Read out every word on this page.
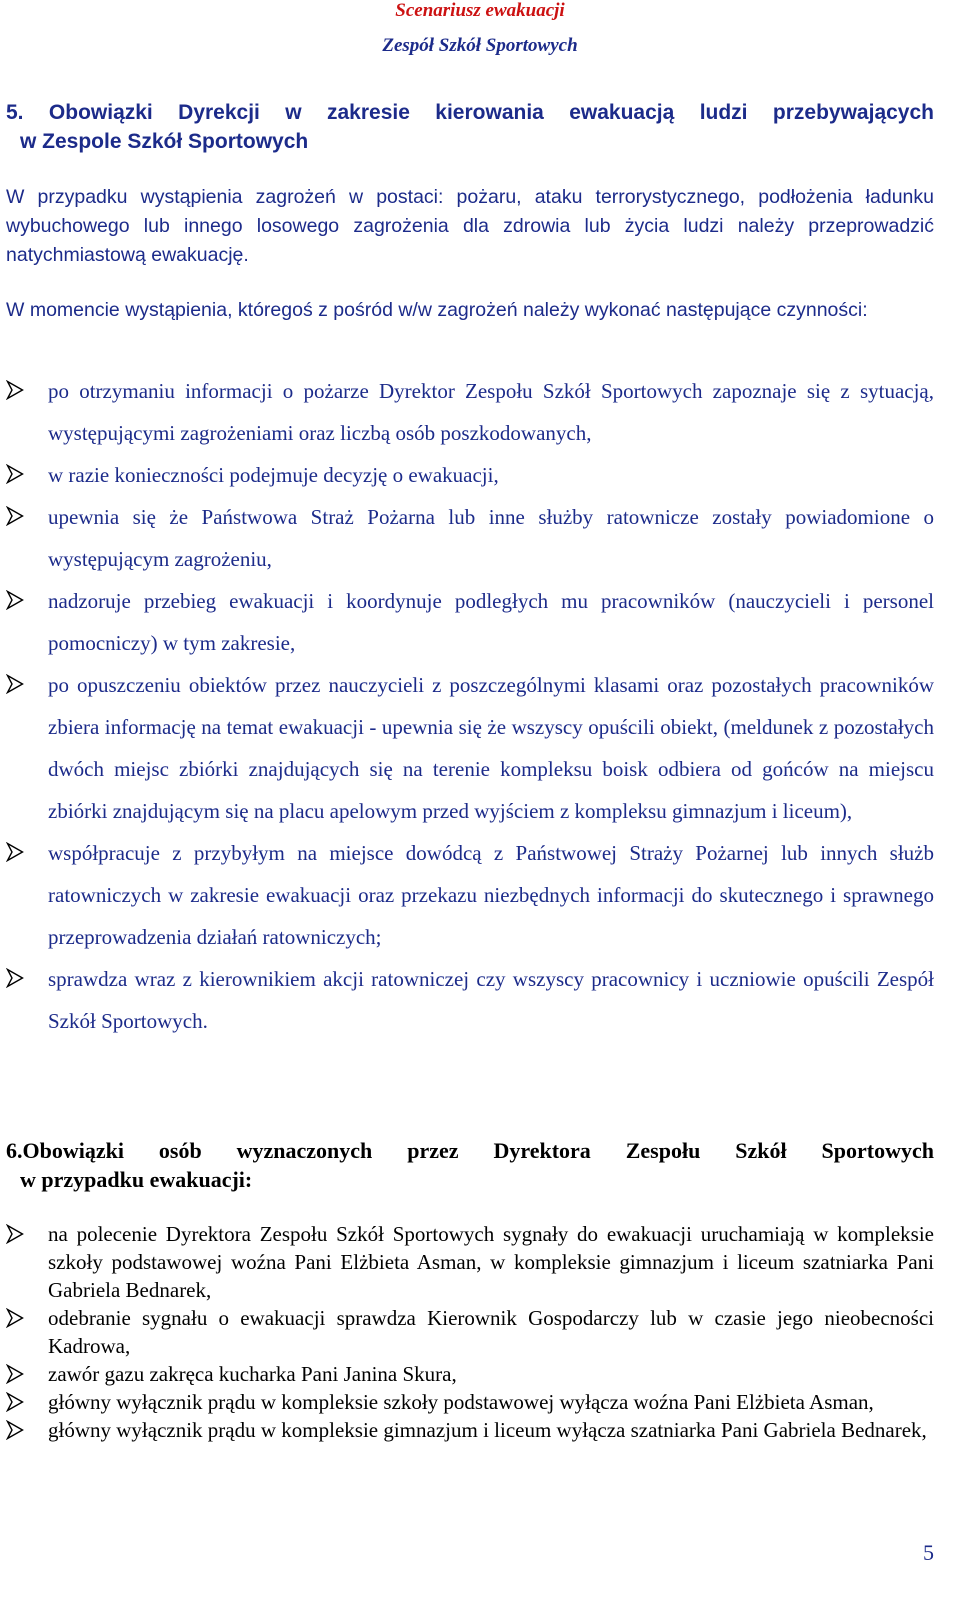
Scenariusz ewakuacji
Zespół Szkół Sportowych
5. Obowiązki Dyrekcji w zakresie kierowania ewakuacją ludzi przebywających
w Zespole Szkół Sportowych
W przypadku wystąpienia zagrożeń w postaci: pożaru, ataku terrorystycznego, podłożenia ładunku wybuchowego lub innego losowego zagrożenia dla zdrowia lub życia ludzi należy przeprowadzić natychmiastową ewakuację.
W momencie wystąpienia, któregoś z pośród w/w zagrożeń należy wykonać następujące czynności:
po otrzymaniu informacji o pożarze Dyrektor Zespołu Szkół Sportowych zapoznaje się z sytuacją, występującymi zagrożeniami oraz liczbą osób poszkodowanych,
w razie konieczności podejmuje decyzję o ewakuacji,
upewnia się że Państwowa Straż Pożarna lub inne służby ratownicze zostały powiadomione o występującym zagrożeniu,
nadzoruje przebieg ewakuacji i koordynuje podległych mu pracowników (nauczycieli i personel pomocniczy) w tym zakresie,
po opuszczeniu obiektów przez nauczycieli z poszczególnymi klasami oraz pozostałych pracowników zbiera informację na temat ewakuacji - upewnia się że wszyscy opuścili obiekt, (meldunek z pozostałych dwóch miejsc zbiórki znajdujących się na terenie kompleksu boisk odbiera od gońców na miejscu zbiórki znajdującym się na placu apelowym przed wyjściem z kompleksu gimnazjum i liceum),
współpracuje z przybyłym na miejsce dowódcą z Państwowej Straży Pożarnej lub innych służb ratowniczych w zakresie ewakuacji oraz przekazu niezbędnych informacji do skutecznego i sprawnego przeprowadzenia działań ratowniczych;
sprawdza wraz z kierownikiem akcji ratowniczej czy wszyscy pracownicy i uczniowie opuścili Zespół Szkół Sportowych.
6.Obowiązki osób wyznaczonych przez Dyrektora Zespołu Szkół Sportowych
w przypadku ewakuacji:
na polecenie Dyrektora Zespołu Szkół Sportowych sygnały do ewakuacji uruchamiają w kompleksie szkoły podstawowej woźna Pani Elżbieta Asman, w kompleksie gimnazjum i liceum szatniarka Pani Gabriela Bednarek,
odebranie sygnału o ewakuacji sprawdza Kierownik Gospodarczy lub w czasie jego nieobecności Kadrowa,
zawór gazu zakręca kucharka Pani Janina Skura,
główny wyłącznik prądu w kompleksie szkoły podstawowej wyłącza woźna Pani Elżbieta Asman,
główny wyłącznik prądu w kompleksie gimnazjum i liceum wyłącza szatniarka Pani Gabriela Bednarek,
5
